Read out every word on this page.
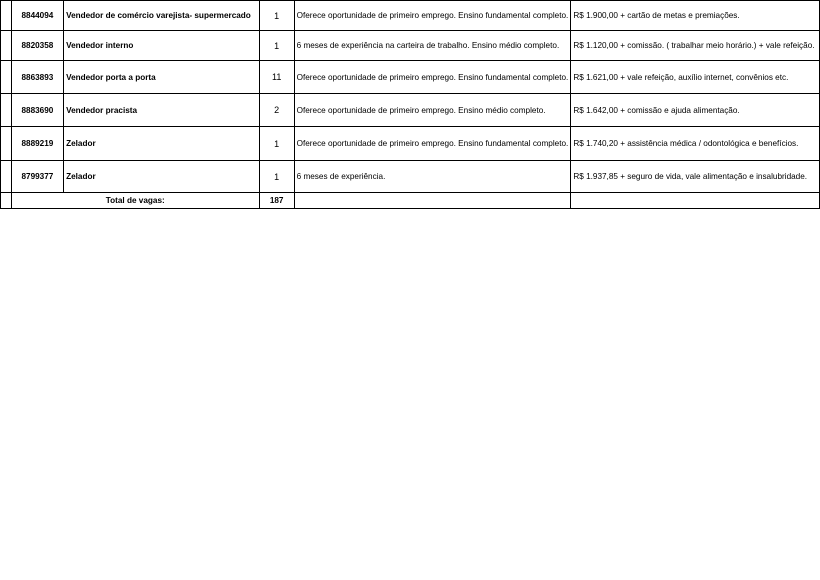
	8844094	Vendedor de comércio varejista- supermercado	1	Oferece oportunidade de primeiro emprego. Ensino fundamental completo.	R$ 1.900,00 + cartão de metas e premiações.
	8820358	Vendedor interno	1	6 meses de experiência na carteira de trabalho. Ensino médio completo.	R$ 1.120,00 + comissão. ( trabalhar meio horário.) + vale refeição.
	8863893	Vendedor porta a porta	11	Oferece oportunidade de primeiro emprego. Ensino fundamental completo.	R$ 1.621,00 + vale refeição, auxílio internet, convênios etc.
	8883690	Vendedor pracista	2	Oferece oportunidade de primeiro emprego. Ensino médio completo.	R$ 1.642,00 + comissão e ajuda alimentação.
	8889219	Zelador	1	Oferece oportunidade de primeiro emprego. Ensino fundamental completo.	R$ 1.740,20 + assistência médica / odontológica e benefícios.
	8799377	Zelador	1	6 meses de experiência.	R$ 1.937,85 + seguro de vida, vale alimentação e insalubridade.
	Total de vagas:		187		
